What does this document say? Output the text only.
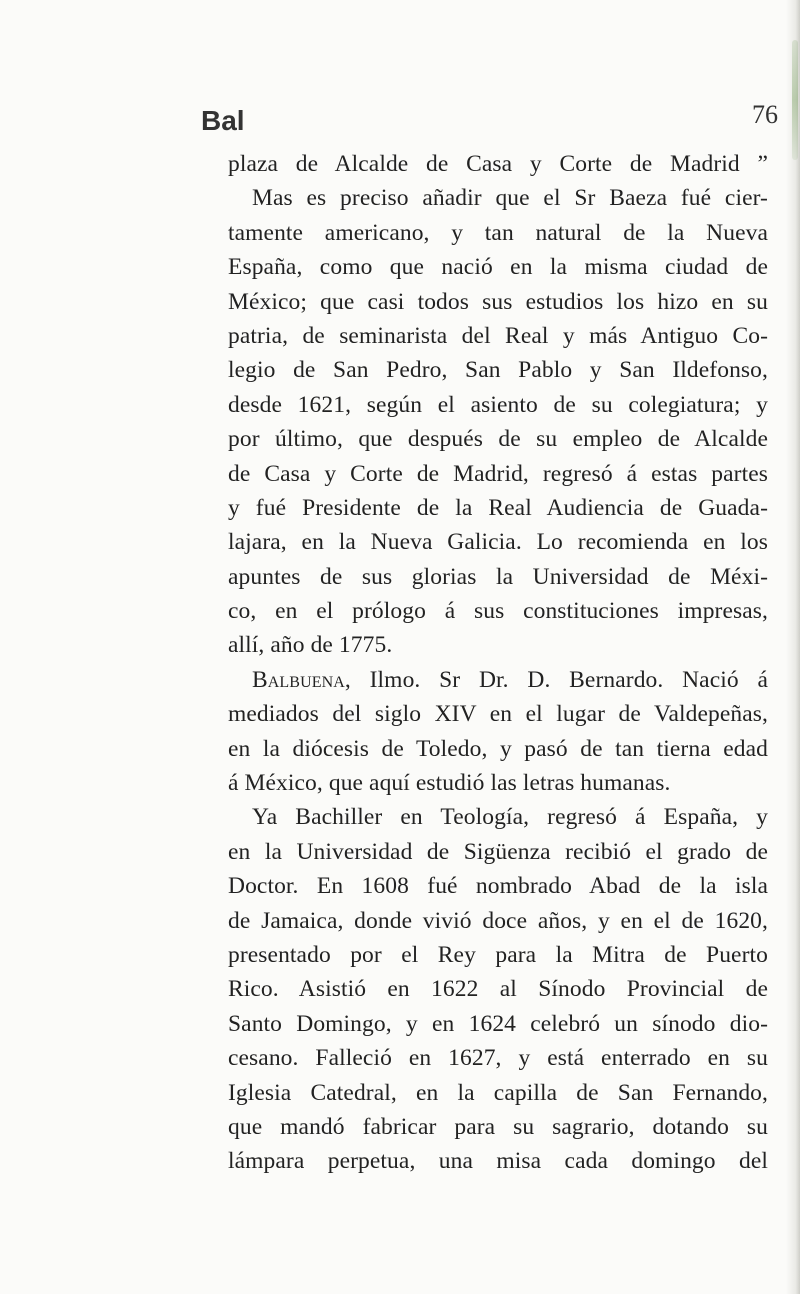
Bal	76
plaza de Alcalde de Casa y Corte de Madrid ”
Mas es preciso añadir que el Sr Baeza fué cier-
tamente americano, y tan natural de la Nueva
España, como que nació en la misma ciudad de
México; que casi todos sus estudios los hizo en su
patria, de seminarista del Real y más Antiguo Co-
legio de San Pedro, San Pablo y San Ildefonso,
desde 1621, según el asiento de su colegiatura; y
por último, que después de su empleo de Alcalde
de Casa y Corte de Madrid, regresó á estas partes
y fué Presidente de la Real Audiencia de Guada-
lajara, en la Nueva Galicia. Lo recomienda en los
apuntes de sus glorias la Universidad de Méxi-
co, en el prólogo á sus constituciones impresas,
allí, año de 1775.
Balbuena, Ilmo. Sr Dr. D. Bernardo. Nació á
mediados del siglo XIV en el lugar de Valdepeñas,
en la diócesis de Toledo, y pasó de tan tierna edad
á México, que aquí estudió las letras humanas.
Ya Bachiller en Teología, regresó á España, y
en la Universidad de Sigüenza recibió el grado de
Doctor. En 1608 fué nombrado Abad de la isla
de Jamaica, donde vivió doce años, y en el de 1620,
presentado por el Rey para la Mitra de Puerto
Rico. Asistió en 1622 al Sínodo Provincial de
Santo Domingo, y en 1624 celebró un sínodo dio-
cesano. Falleció en 1627, y está enterrado en su
Iglesia Catedral, en la capilla de San Fernando,
que mandó fabricar para su sagrario, dotando su
lámpara perpetua, una misa cada domingo del
